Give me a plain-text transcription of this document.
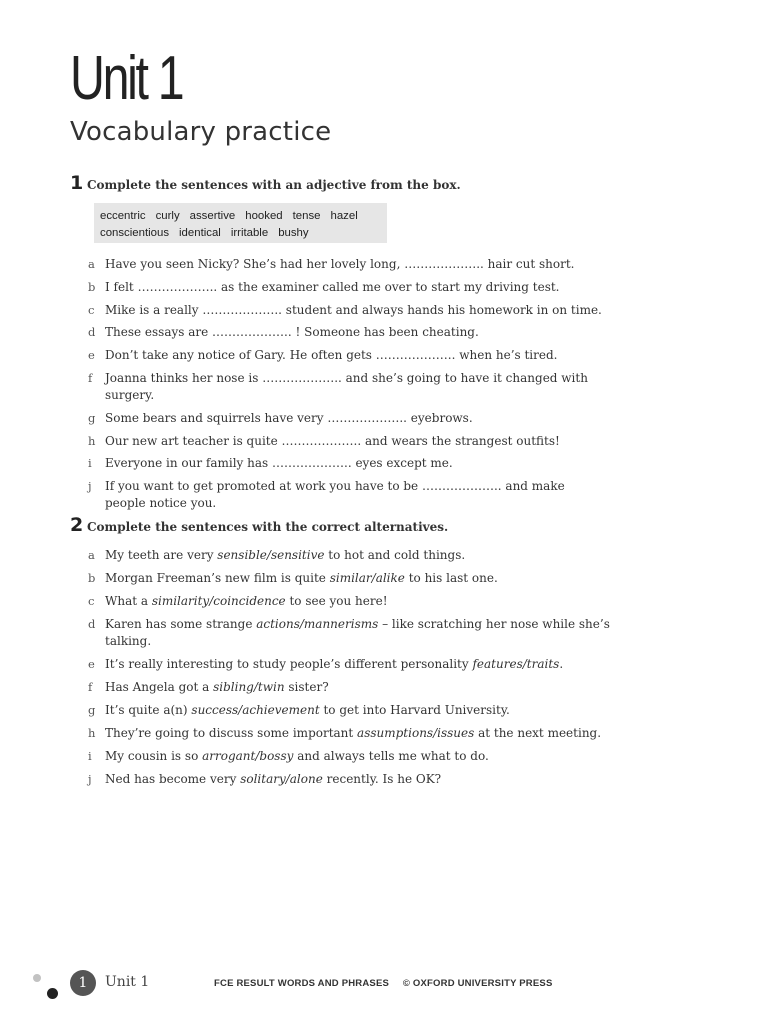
Unit 1
Vocabulary practice
1 Complete the sentences with an adjective from the box.
eccentric curly assertive hooked tense hazel
conscientious identical irritable bushy
a Have you seen Nicky? She’s had her lovely long, ……………….. hair cut short.
b I felt ……………….. as the examiner called me over to start my driving test.
c Mike is a really ……………….. student and always hands his homework in on time.
d These essays are ……………….. ! Someone has been cheating.
e Don’t take any notice of Gary. He often gets ……………….. when he’s tired.
f	Joanna thinks her nose is ……………….. and she’s going to have it changed with surgery.
g Some bears and squirrels have very ……………….. eyebrows.
h Our new art teacher is quite ……………….. and wears the strangest outfits!
i	Everyone in our family has ……………….. eyes except me.
j	If you want to get promoted at work you have to be ……………….. and make people notice you.
2 Complete the sentences with the correct alternatives.
a My teeth are very sensible/sensitive to hot and cold things.
b Morgan Freeman’s new film is quite similar/alike to his last one.
c What a similarity/coincidence to see you here!
d Karen has some strange actions/mannerisms – like scratching her nose while she’s talking.
e It’s really interesting to study people’s different personality features/traits.
f	Has Angela got a sibling/twin sister?
g It’s quite a(n) success/achievement to get into Harvard University.
h They’re going to discuss some important assumptions/issues at the next meeting.
i	My cousin is so arrogant/bossy and always tells me what to do.
j	Ned has become very solitary/alone recently. Is he OK?
1 Unit 1	FCE RESULT WORDS AND PHRASES © OXFORD UNIVERSITY PRESS
